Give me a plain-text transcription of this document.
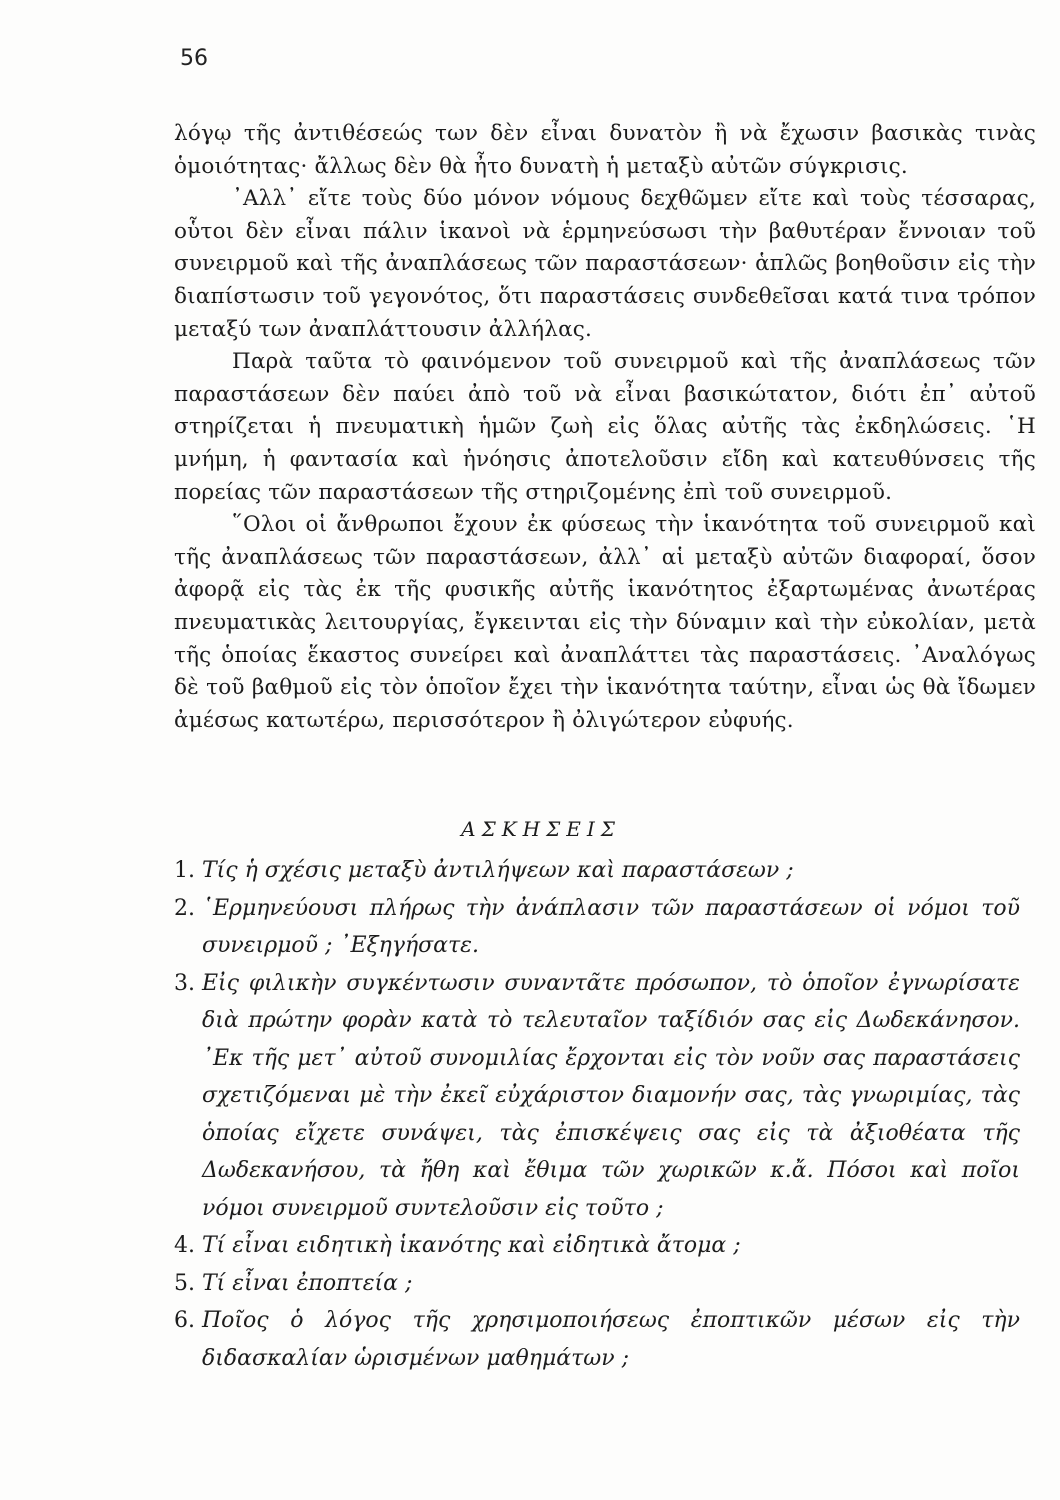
56

λόγῳ τῆς ἀντιθέσεώς των δὲν εἶναι δυνατὸν ἢ νὰ ἔχωσιν βασικὰς τινὰς ὁμοιότητας· ἄλλως δὲν θὰ ἦτο δυνατὴ ἡ μεταξὺ αὐτῶν σύγκρισις.

᾿Αλλ᾿ εἴτε τοὺς δύο μόνον νόμους δεχθῶμεν εἴτε καὶ τοὺς τέσσαρας, οὗτοι δὲν εἶναι πάλιν ἱκανοὶ νὰ ἑρμηνεύσωσι τὴν βαθυτέραν ἔννοιαν τοῦ συνειρμοῦ καὶ τῆς ἀναπλάσεως τῶν παραστάσεων· ἁπλῶς βοηθοῦσιν εἰς τὴν διαπίστωσιν τοῦ γεγονότος, ὅτι παραστάσεις συνδεθεῖσαι κατά τινα τρόπον μεταξύ των ἀναπλάττουσιν ἀλλήλας.

Παρὰ ταῦτα τὸ φαινόμενον τοῦ συνειρμοῦ καὶ τῆς ἀναπλάσεως τῶν παραστάσεων δὲν παύει ἀπὸ τοῦ νὰ εἶναι βασικώτατον, διότι ἐπ᾿ αὐτοῦ στηρίζεται ἡ πνευματικὴ ἡμῶν ζωὴ εἰς ὅλας αὐτῆς τὰς ἐκδηλώσεις. ῾Η μνήμη, ἡ φαντασία καὶ ἡνόησις ἀποτελοῦσιν εἴδη καὶ κατευθύνσεις τῆς πορείας τῶν παραστάσεων τῆς στηριζομένης ἐπὶ τοῦ συνειρμοῦ.

῞Ολοι οἱ ἄνθρωποι ἔχουν ἐκ φύσεως τὴν ἱκανότητα τοῦ συνειρμοῦ καὶ τῆς ἀναπλάσεως τῶν παραστάσεων, ἀλλ᾿ αἱ μεταξὺ αὐτῶν διαφοραί, ὅσον ἀφορᾷ εἰς τὰς ἐκ τῆς φυσικῆς αὐτῆς ἱκανότητος ἐξαρτωμένας ἀνωτέρας πνευματικὰς λειτουργίας, ἔγκεινται εἰς τὴν δύναμιν καὶ τὴν εὐκολίαν, μετὰ τῆς ὁποίας ἕκαστος συνείρει καὶ ἀναπλάττει τὰς παραστάσεις. ᾿Αναλόγως δὲ τοῦ βαθμοῦ εἰς τὸν ὁποῖον ἔχει τὴν ἱκανότητα ταύτην, εἶναι ὡς θὰ ἴδωμεν ἀμέσως κατωτέρω, περισσότερον ἢ ὀλιγώτερον εὐφυής.

ΑΣΚΗΣΕΙΣ
1. Τίς ἡ σχέσις μεταξὺ ἀντιλήψεων καὶ παραστάσεων ;
2. ῾Ερμηνεύουσι πλήρως τὴν ἀνάπλασιν τῶν παραστάσεων οἱ νόμοι τοῦ συνειρμοῦ ; ᾿Εξηγήσατε.
3. Εἰς φιλικὴν συγκέντωσιν συναντᾶτε πρόσωπον, τὸ ὁποῖον ἐγνωρίσατε διὰ πρώτην φορὰν κατὰ τὸ τελευταῖον ταξίδιόν σας εἰς Δωδεκάνησον. ᾿Εκ τῆς μετ᾿ αὐτοῦ συνομιλίας ἔρχονται εἰς τὸν νοῦν σας παραστάσεις σχετιζόμεναι μὲ τὴν ἐκεῖ εὐχάριστον διαμονήν σας, τὰς γνωριμίας, τὰς ὁποίας εἴχετε συνάψει, τὰς ἐπισκέψεις σας εἰς τὰ ἀξιοθέατα τῆς Δωδεκανήσου, τὰ ἤθη καὶ ἔθιμα τῶν χωρικῶν κ.ἄ. Πόσοι καὶ ποῖοι νόμοι συνειρμοῦ συντελοῦσιν εἰς τοῦτο ;
4. Τί εἶναι ειδητικὴ ἱκανότης καὶ εἰδητικὰ ἄτομα ;
5. Τί εἶναι ἐποπτεία ;
6. Ποῖος ὁ λόγος τῆς χρησιμοποιήσεως ἐποπτικῶν μέσων εἰς τὴν διδασκαλίαν ὡρισμένων μαθημάτων ;
